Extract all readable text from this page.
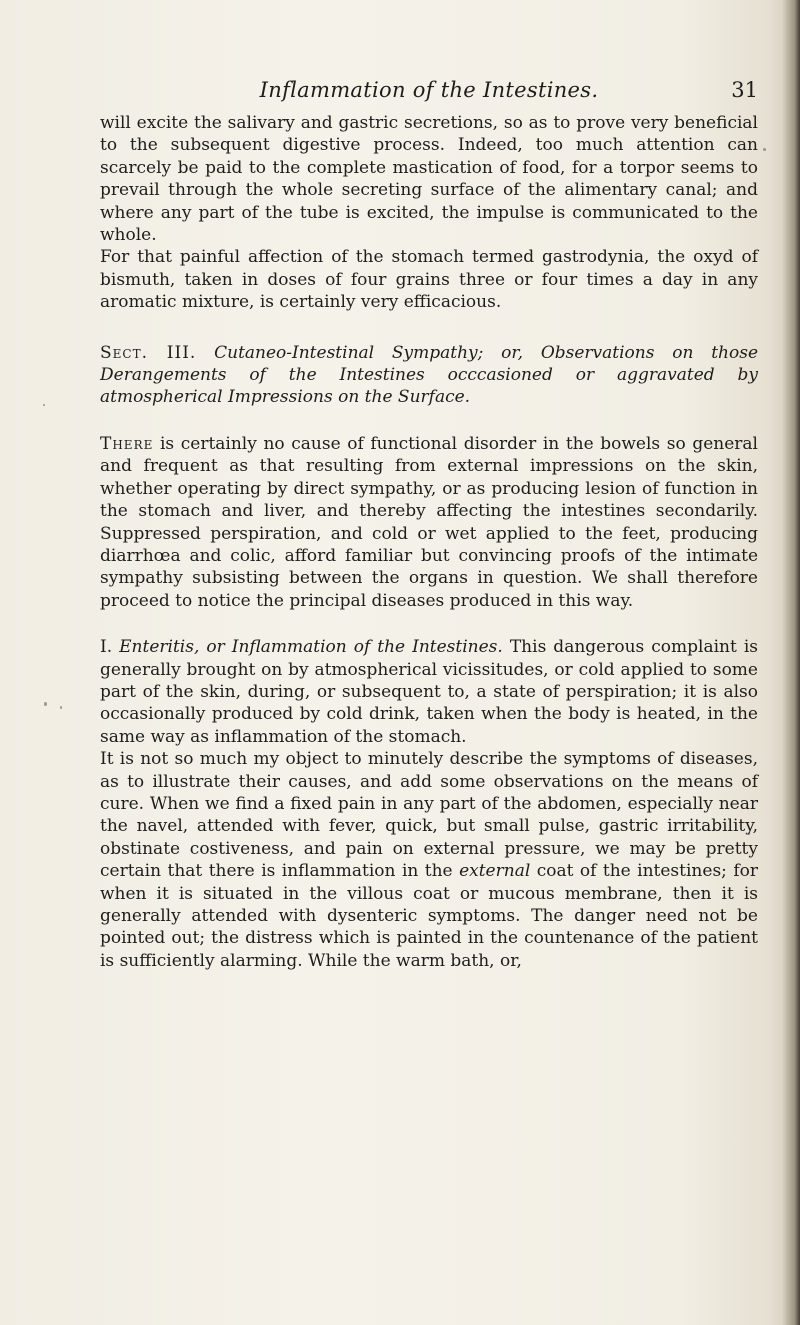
Inflammation of the Intestines.	31

will excite the salivary and gastric secretions, so as to prove very beneficial to the subsequent digestive process. Indeed, too much attention can scarcely be paid to the complete mastication of food, for a torpor seems to prevail through the whole secreting surface of the alimentary canal; and where any part of the tube is excited, the impulse is communicated to the whole.

For that painful affection of the stomach termed gastrodynia, the oxyd of bismuth, taken in doses of four grains three or four times a day in any aromatic mixture, is certainly very efficacious.

Sect. III. Cutaneo-Intestinal Sympathy; or, Observations on those Derangements of the Intestines occcasioned or aggravated by atmospherical Impressions on the Surface.

There is certainly no cause of functional disorder in the bowels so general and frequent as that resulting from external impressions on the skin, whether operating by direct sympathy, or as producing lesion of function in the stomach and liver, and thereby affecting the intestines secondarily. Suppressed perspiration, and cold or wet applied to the feet, producing diarrhœa and colic, afford familiar but convincing proofs of the intimate sympathy subsisting between the organs in question. We shall therefore proceed to notice the principal diseases produced in this way.

I. Enteritis, or Inflammation of the Intestines. This dangerous complaint is generally brought on by atmospherical vicissitudes, or cold applied to some part of the skin, during, or subsequent to, a state of perspiration; it is also occasionally produced by cold drink, taken when the body is heated, in the same way as inflammation of the stomach.

It is not so much my object to minutely describe the symptoms of diseases, as to illustrate their causes, and add some observations on the means of cure. When we find a fixed pain in any part of the abdomen, especially near the navel, attended with fever, quick, but small pulse, gastric irritability, obstinate costiveness, and pain on external pressure, we may be pretty certain that there is inflammation in the external coat of the intestines; for when it is situated in the villous coat or mucous membrane, then it is generally attended with dysenteric symptoms. The danger need not be pointed out; the distress which is painted in the countenance of the patient is sufficiently alarming. While the warm bath, or,
